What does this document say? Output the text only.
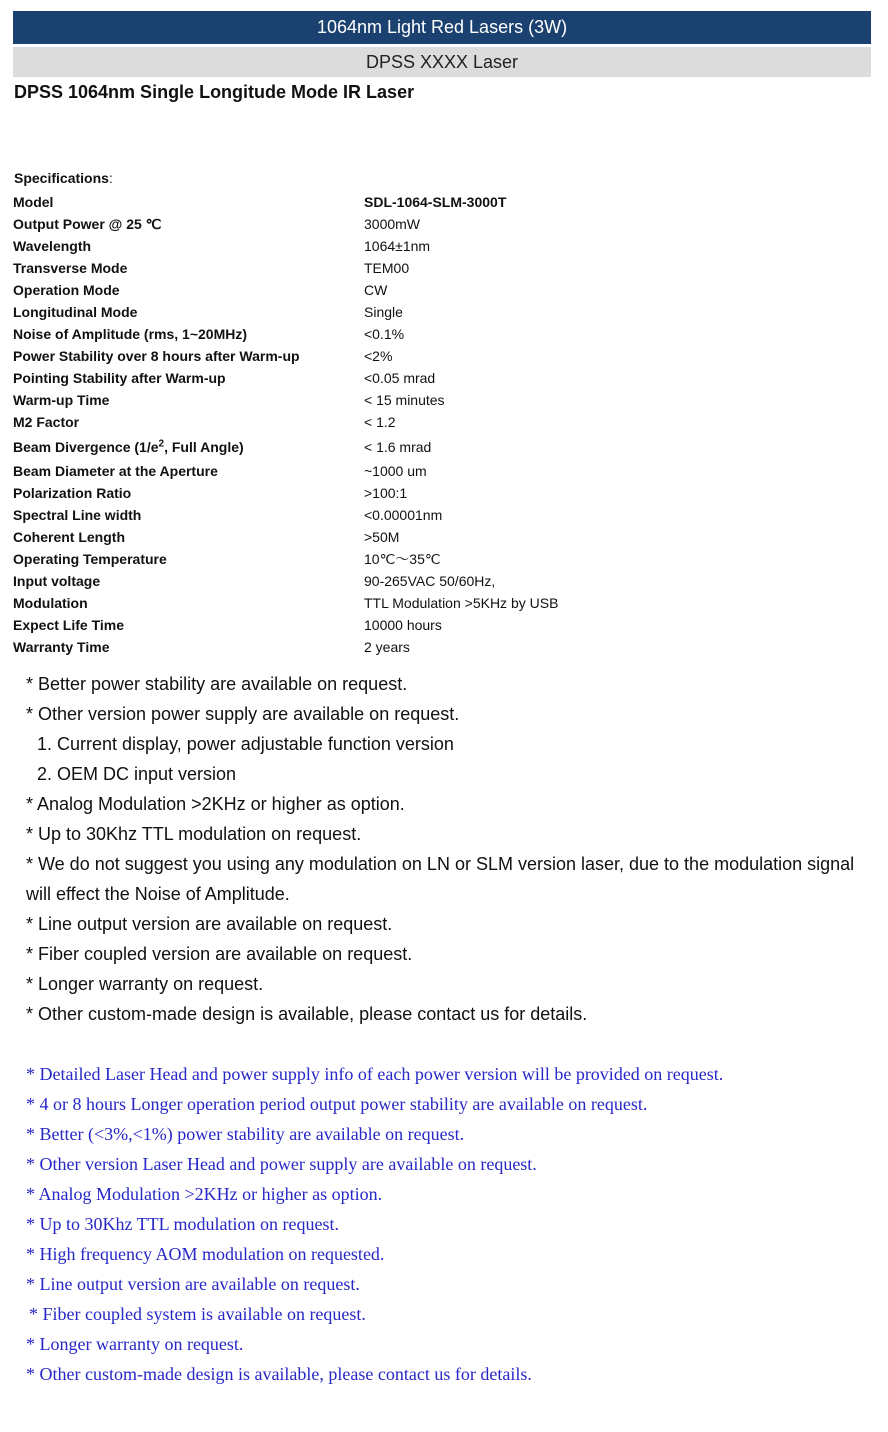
1064nm Light Red Lasers (3W)
DPSS XXXX Laser
DPSS 1064nm Single Longitude Mode IR Laser
Specifications:
Model	SDL-1064-SLM-3000T
Output Power @ 25 ℃	3000mW
Wavelength	1064±1nm
Transverse Mode	TEM00
Operation Mode	CW
Longitudinal Mode	Single
Noise of Amplitude (rms, 1~20MHz)	<0.1%
Power Stability over 8 hours after Warm-up	<2%
Pointing Stability after Warm-up	<0.05 mrad
Warm-up Time	< 15 minutes
M2 Factor	< 1.2
Beam Divergence ($1/e^2$, Full Angle)	< 1.6 mrad
Beam Diameter at the Aperture	~1000 um
Polarization Ratio	>100:1
Spectral Line width	<0.00001nm
Coherent Length	>50M
Operating Temperature	10℃～35℃
Input voltage	90-265VAC 50/60Hz,
Modulation	TTL Modulation >5KHz by USB
Expect Life Time	10000 hours
Warranty Time	2 years
* Better power stability are available on request.
* Other version power supply are available on request.
1. Current display, power adjustable function version
2. OEM DC input version
* Analog Modulation >2KHz or higher as option.
* Up to 30Khz TTL modulation on request.
* We do not suggest you using any modulation on LN or SLM version laser, due to the modulation signal will effect the Noise of Amplitude.
* Line output version are available on request.
* Fiber coupled version are available on request.
* Longer warranty on request.
* Other custom-made design is available, please contact us for details.
* Detailed Laser Head and power supply info of each power version will be provided on request.
* 4 or 8 hours Longer operation period output power stability are available on request.
* Better (<3%,<1%) power stability are available on request.
* Other version Laser Head and power supply are available on request.
* Analog Modulation >2KHz or higher as option.
* Up to 30Khz TTL modulation on request.
* High frequency AOM modulation on requested.
* Line output version are available on request.
* Fiber coupled system is available on request.
* Longer warranty on request.
* Other custom-made design is available, please contact us for details.
